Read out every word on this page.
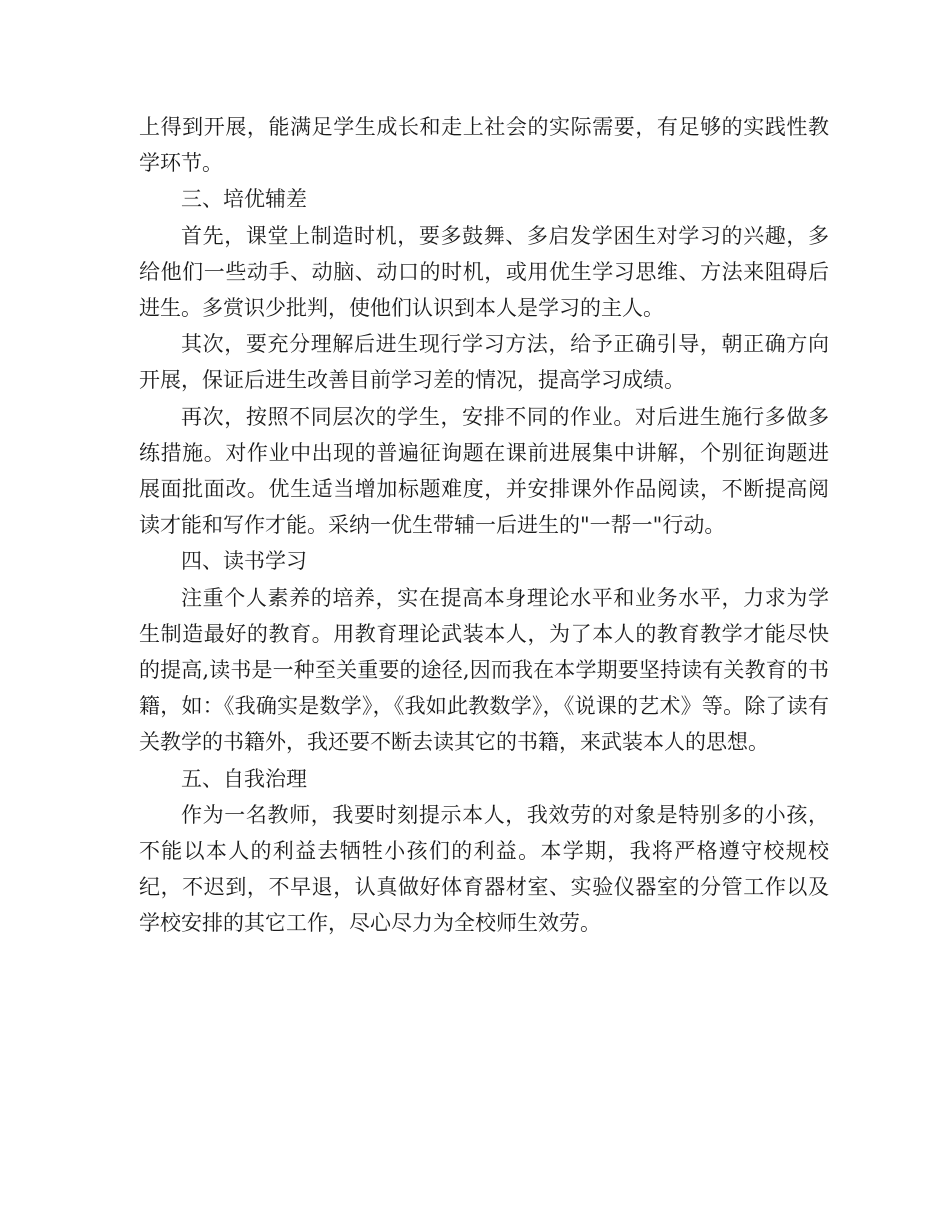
上得到开展，能满足学生成长和走上社会的实际需要，有足够的实践性教学环节。

三、培优辅差

首先，课堂上制造时机，要多鼓舞、多启发学困生对学习的兴趣，多给他们一些动手、动脑、动口的时机，或用优生学习思维、方法来阻碍后进生。多赏识少批判，使他们认识到本人是学习的主人。

其次，要充分理解后进生现行学习方法，给予正确引导，朝正确方向开展，保证后进生改善目前学习差的情况，提高学习成绩。

再次，按照不同层次的学生，安排不同的作业。对后进生施行多做多练措施。对作业中出现的普遍征询题在课前进展集中讲解，个别征询题进展面批面改。优生适当增加标题难度，并安排课外作品阅读，不断提高阅读才能和写作才能。采纳一优生带辅一后进生的"一帮一"行动。

四、读书学习

注重个人素养的培养，实在提高本身理论水平和业务水平，力求为学生制造最好的教育。用教育理论武装本人，为了本人的教育教学才能尽快的提高,读书是一种至关重要的途径,因而我在本学期要坚持读有关教育的书籍，如：《我确实是数学》，《我如此教数学》，《说课的艺术》等。除了读有关教学的书籍外，我还要不断去读其它的书籍，来武装本人的思想。

五、自我治理

作为一名教师，我要时刻提示本人，我效劳的对象是特别多的小孩，不能以本人的利益去牺牲小孩们的利益。本学期，我将严格遵守校规校纪，不迟到，不早退，认真做好体育器材室、实验仪器室的分管工作以及学校安排的其它工作，尽心尽力为全校师生效劳。
